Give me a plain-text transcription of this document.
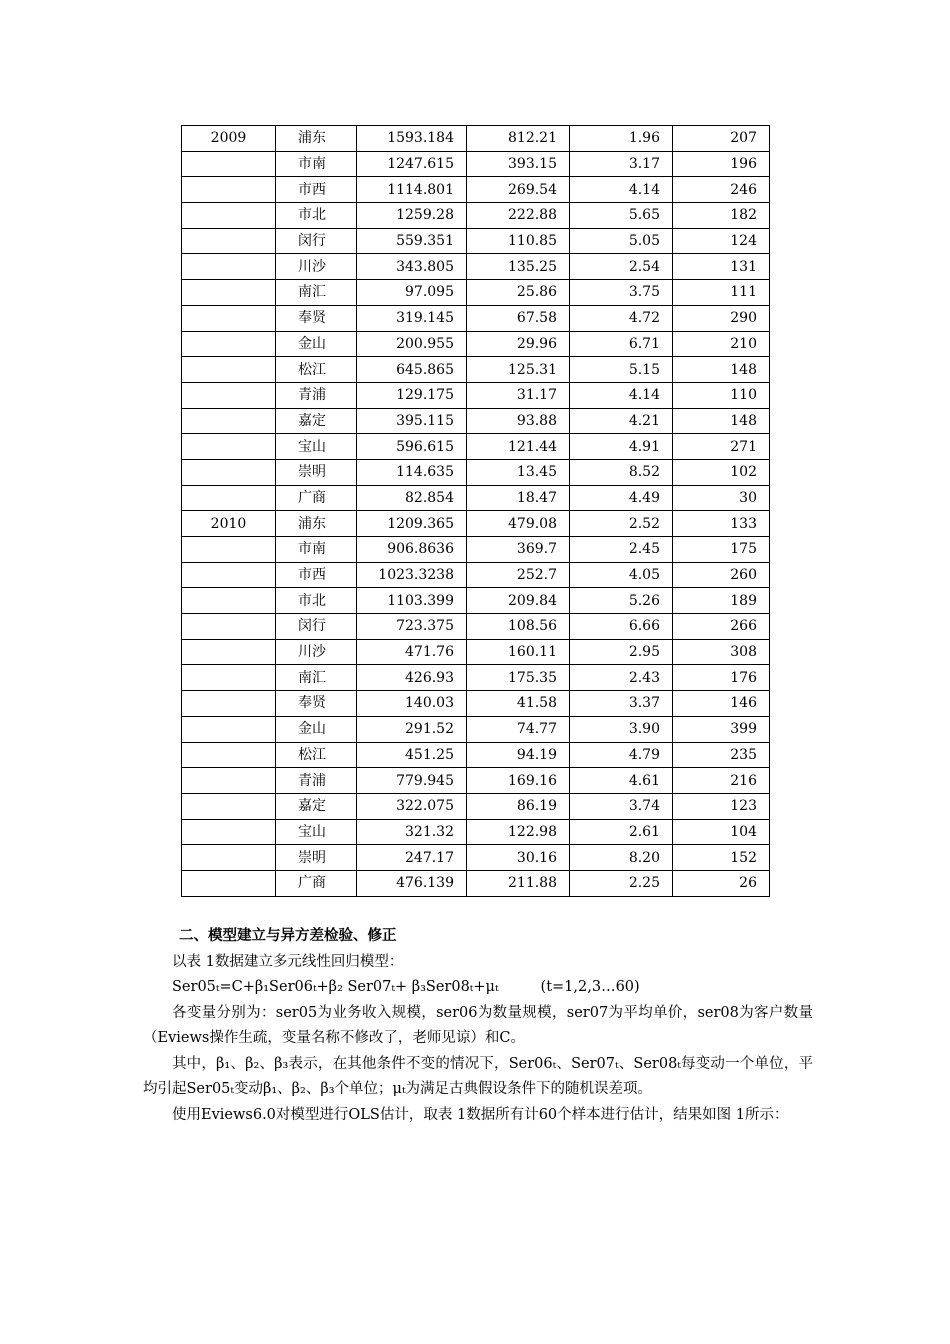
2009	浦东	1593.184	812.21	1.96	207
	市南	1247.615	393.15	3.17	196
	市西	1114.801	269.54	4.14	246
	市北	1259.28	222.88	5.65	182
	闵行	559.351	110.85	5.05	124
	川沙	343.805	135.25	2.54	131
	南汇	97.095	25.86	3.75	111
	奉贤	319.145	67.58	4.72	290
	金山	200.955	29.96	6.71	210
	松江	645.865	125.31	5.15	148
	青浦	129.175	31.17	4.14	110
	嘉定	395.115	93.88	4.21	148
	宝山	596.615	121.44	4.91	271
	崇明	114.635	13.45	8.52	102
	广商	82.854	18.47	4.49	30
2010	浦东	1209.365	479.08	2.52	133
	市南	906.8636	369.7	2.45	175
	市西	1023.3238	252.7	4.05	260
	市北	1103.399	209.84	5.26	189
	闵行	723.375	108.56	6.66	266
	川沙	471.76	160.11	2.95	308
	南汇	426.93	175.35	2.43	176
	奉贤	140.03	41.58	3.37	146
	金山	291.52	74.77	3.90	399
	松江	451.25	94.19	4.79	235
	青浦	779.945	169.16	4.61	216
	嘉定	322.075	86.19	3.74	123
	宝山	321.32	122.98	2.61	104
	崇明	247.17	30.16	8.20	152
	广商	476.139	211.88	2.25	26

二、模型建立与异方差检验、修正

以表 1数据建立多元线性回归模型：

Ser05ₜ=C+β₁Ser06ₜ+β₂ Ser07ₜ+ β₃Ser08ₜ+μₜ	(t=1,2,3…60)

各变量分别为：ser05为业务收入规模，ser06为数量规模，ser07为平均单价，ser08为客户数量（Eviews操作生疏，变量名称不修改了，老师见谅）和C。

其中，β₁、β₂、β₃表示，在其他条件不变的情况下，Ser06ₜ、Ser07ₜ、Ser08ₜ每变动一个单位，平均引起Ser05ₜ变动β₁、β₂、β₃个单位；μₜ为满足古典假设条件下的随机误差项。

使用Eviews6.0对模型进行OLS估计，取表 1数据所有计60个样本进行估计，结果如图 1所示：
